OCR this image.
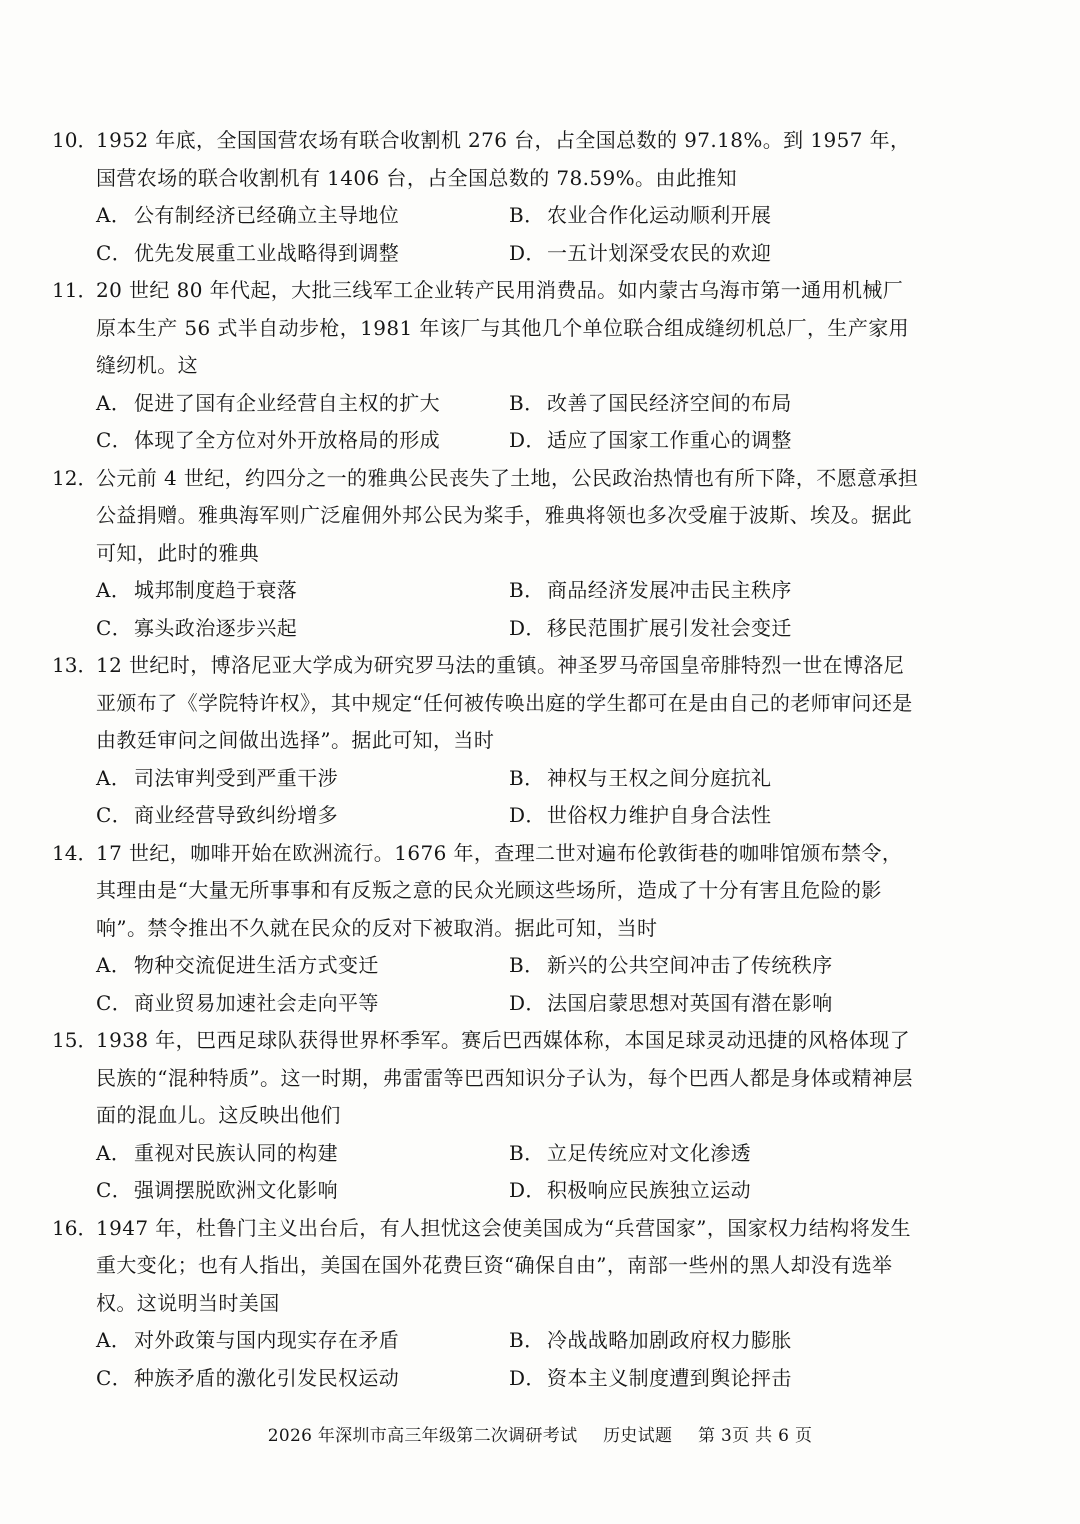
10．
1952 年底，全国国营农场有联合收割机 276 台，占全国总数的 97.18%。到 1957 年，国营农场的联合收割机有 1406 台，占全国总数的 78.59%。由此推知
A． 公有制经济已经确立主导地位	B． 农业合作化运动顺利开展
C．优先发展重工业战略得到调整	D．一五计划深受农民的欢迎
11．
20 世纪 80 年代起，大批三线军工企业转产民用消费品。如内蒙古乌海市第一通用机械厂原本生产 56 式半自动步枪，1981 年该厂与其他几个单位联合组成缝纫机总厂，生产家用缝纫机。这
A． 促进了国有企业经营自主权的扩大	B． 改善了国民经济空间的布局
C．体现了全方位对外开放格局的形成	D．适应了国家工作重心的调整
12．
公元前 4 世纪，约四分之一的雅典公民丧失了土地，公民政治热情也有所下降，不愿意承担公益捐赠。雅典海军则广泛雇佣外邦公民为桨手，雅典将领也多次受雇于波斯、埃及。据此可知，此时的雅典
A． 城邦制度趋于衰落	B． 商品经济发展冲击民主秩序
C．寡头政治逐步兴起	D．移民范围扩展引发社会变迁
13．
12 世纪时，博洛尼亚大学成为研究罗马法的重镇。神圣罗马帝国皇帝腓特烈一世在博洛尼亚颁布了《学院特许权》，其中规定“任何被传唤出庭的学生都可在是由自己的老师审问还是由教廷审问之间做出选择”。据此可知，当时
A． 司法审判受到严重干涉	B． 神权与王权之间分庭抗礼
C．商业经营导致纠纷增多	D．世俗权力维护自身合法性
14．
17 世纪，咖啡开始在欧洲流行。1676 年，查理二世对遍布伦敦街巷的咖啡馆颁布禁令，其理由是“大量无所事事和有反叛之意的民众光顾这些场所，造成了十分有害且危险的影响”。禁令推出不久就在民众的反对下被取消。据此可知，当时
A． 物种交流促进生活方式变迁	B． 新兴的公共空间冲击了传统秩序
C．商业贸易加速社会走向平等	D．法国启蒙思想对英国有潜在影响
15．
1938 年，巴西足球队获得世界杯季军。赛后巴西媒体称，本国足球灵动迅捷的风格体现了民族的“混种特质”。这一时期，弗雷雷等巴西知识分子认为，每个巴西人都是身体或精神层面的混血儿。这反映出他们
A． 重视对民族认同的构建	B． 立足传统应对文化渗透
C．强调摆脱欧洲文化影响	D．积极响应民族独立运动
16．
1947 年，杜鲁门主义出台后，有人担忧这会使美国成为“兵营国家”，国家权力结构将发生重大变化；也有人指出，美国在国外花费巨资“确保自由”，南部一些州的黑人却没有选举权。这说明当时美国
A． 对外政策与国内现实存在矛盾	B． 冷战战略加剧政府权力膨胀
C．种族矛盾的激化引发民权运动	D．资本主义制度遭到舆论抨击
2026 年深圳市高三年级第二次调研考试 历史试题 第 3页 共 6 页
